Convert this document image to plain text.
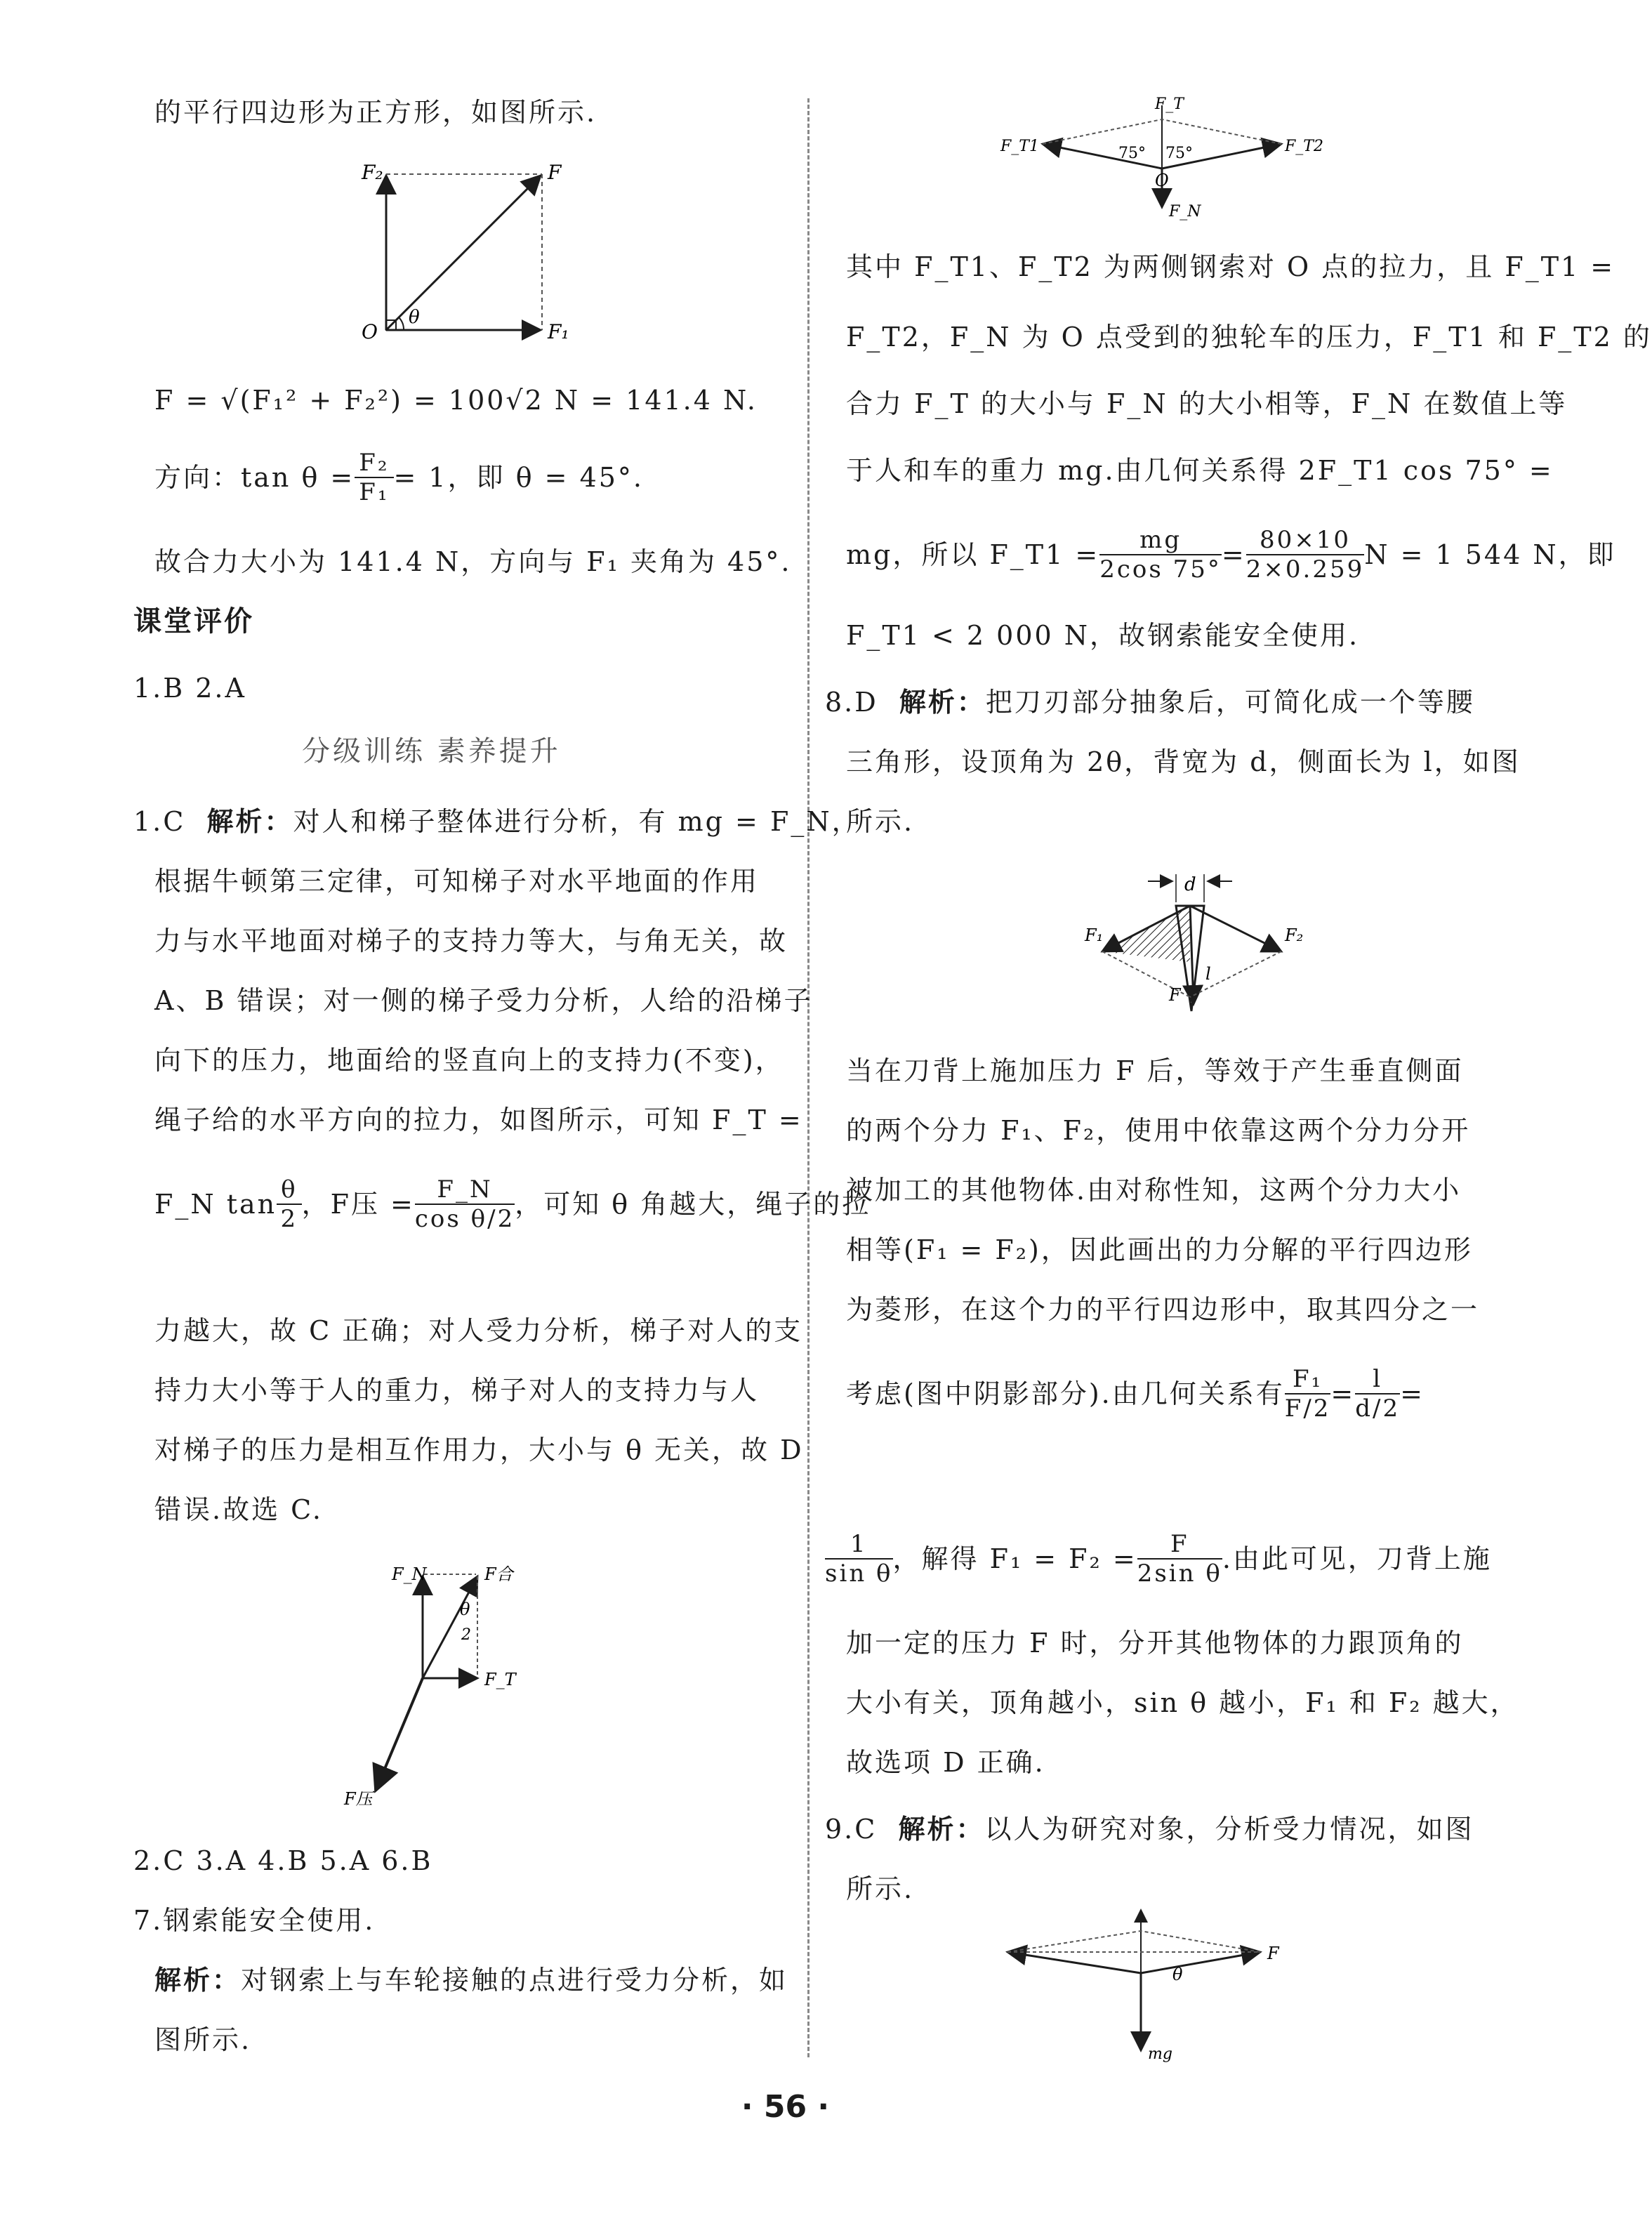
的平行四边形为正方形，如图所示.
F₂	F
O
θ
F₁
F = √(F₁² + F₂²) = 100√2 N = 141.4 N.
方向：$\tan \theta = \frac{\text{F₂}}{\text{F₁}} = 1$，即 θ = 45°.
故合力大小为 141.4 N，方向与 F₁ 夹角为 45°.
课堂评价
1.B 2.A
分级训练 素养提升
1.C 解析：对人和梯子整体进行分析，有 mg = F_N，
根据牛顿第三定律，可知梯子对水平地面的作用
力与水平地面对梯子的支持力等大，与角无关，故
A、B 错误；对一侧的梯子受力分析，人给的沿梯子
向下的压力，地面给的竖直向上的支持力(不变)，
绳子给的水平方向的拉力，如图所示，可知 F_T =
F_N $\tan \frac{\theta}{2}$ ，F压 = $\frac{F\_N}{\text{cos θ/2}}$ ，可知 θ 角越大，绳子的拉
力越大，故 C 正确；对人受力分析，梯子对人的支
持力大小等于人的重力，梯子对人的支持力与人
对梯子的压力是相互作用力，大小与 θ 无关，故 D
错误.故选 C.
F_N	F合
θ
2
F_T
F压
2.C 3.A 4.B 5.A 6.B
7.钢索能安全使用.
解析：对钢索上与车轮接触的点进行受力分析，如
图所示.
F_T
F_T1	F_T2
75° 75°
O
F_N
其中 F_T1、F_T2 为两侧钢索对 O 点的拉力，且 F_T1 =
F_T2，F_N 为 O 点受到的独轮车的压力，F_T1 和 F_T2 的
合力 F_T 的大小与 F_N 的大小相等，F_N 在数值上等
于人和车的重力 mg.由几何关系得 2F_T1 cos 75° =
mg，所以 F_T1 = $\frac{mg}{2\cos 75^\circ} = \frac{80\times 10}{2\times 0.259}$ N = 1 544 N，即
F_T1 < 2 000 N，故钢索能安全使用.
8.D 解析：把刀刃部分抽象后，可简化成一个等腰
三角形，设顶角为 2θ，背宽为 d，侧面长为 l，如图
所示.
d
F₁	F₂
F
l
当在刀背上施加压力 F 后，等效于产生垂直侧面
的两个分力 F₁、F₂，使用中依靠这两个分力分开
被加工的其他物体.由对称性知，这两个分力大小
相等(F₁ = F₂)，因此画出的力分解的平行四边形
为菱形，在这个力的平行四边形中，取其四分之一
考虑(图中阴影部分).由几何关系有 $\frac{\text{F₁}}{F/2} = \frac{l}{d/2}$ =
$\frac{1}{\text{sin θ}}$ ，解得 $F_1 = F_2 = \frac{F}{\text{2sin θ}}$ .由此可见，刀背上施
加一定的压力 F 时，分开其他物体的力跟顶角的
大小有关，顶角越小，sin θ 越小，F₁ 和 F₂ 越大，
故选项 D 正确.
9.C 解析：以人为研究对象，分析受力情况，如图
所示.
F
θ
mg
· 56 ·
